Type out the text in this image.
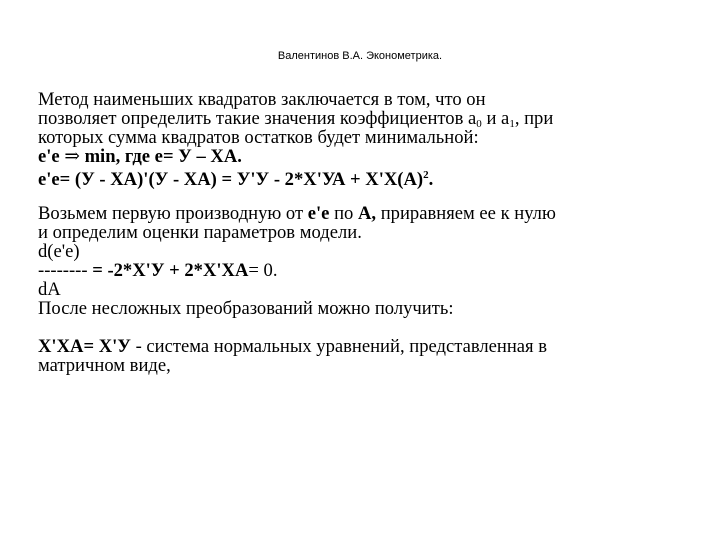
Валентинов В.А. Эконометрика.
Метод наименьших квадратов заключается в том, что он
позволяет определить такие значения коэффициентов $a_0$ и $a_1$, при
которых сумма квадратов остатков будет минимальной:
e'e ⇒ min, где e= У – ХА.
$e'e= (У - ХА)'(У - ХА) = У'У - 2*Х'УА + Х'Х(А)^2$.
Возьмем первую производную от е'е по А, приравняем ее к нулю
и определим оценки параметров модели.
d(e'e)
-------- = -2*Х'У + 2*Х'ХА= 0.
dA
После несложных преобразований можно получить:
Х'ХА= Х'У - система нормальных уравнений, представленная в
матричном виде,
